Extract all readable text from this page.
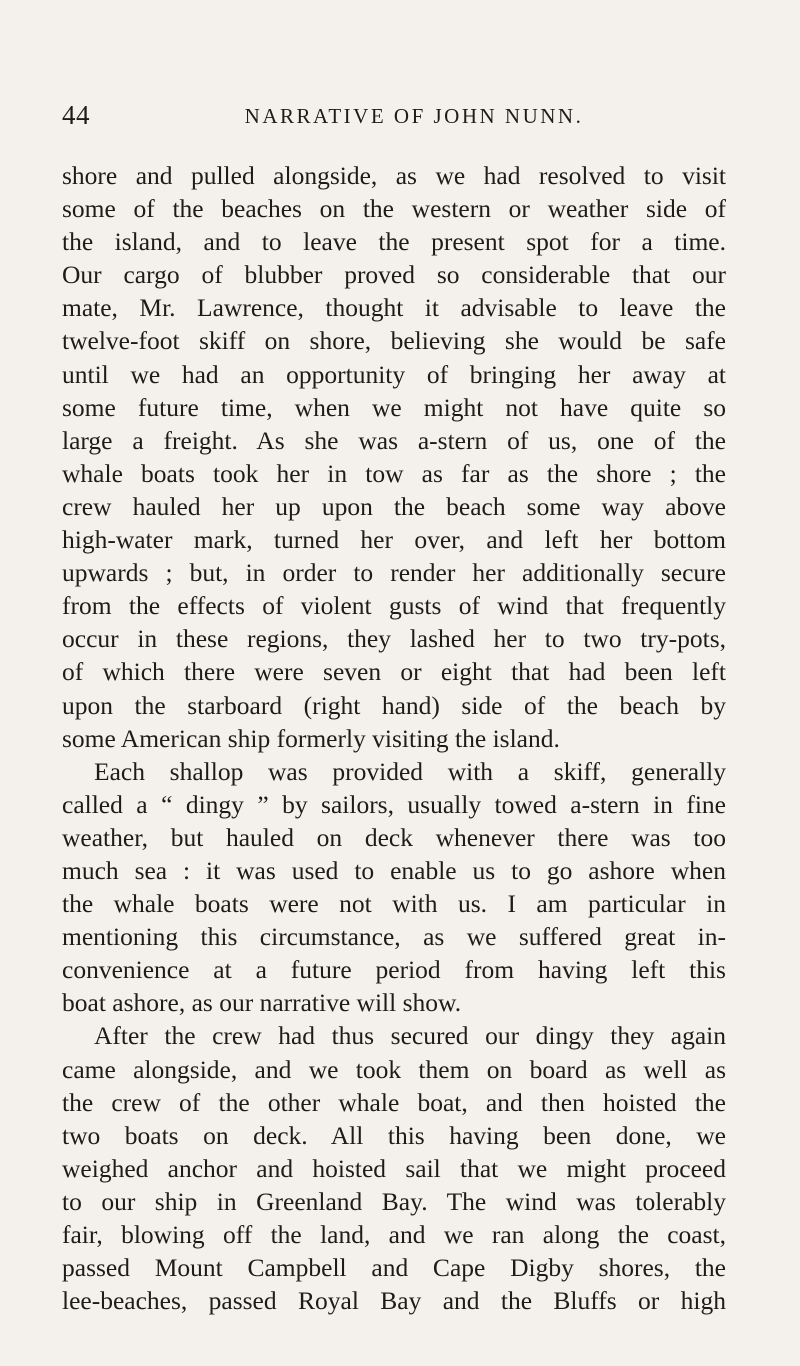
44	NARRATIVE OF JOHN NUNN.
shore and pulled alongside, as we had resolved to visit
some of the beaches on the western or weather side of
the island, and to leave the present spot for a time.
Our cargo of blubber proved so considerable that our
mate, Mr. Lawrence, thought it advisable to leave the
twelve-foot skiff on shore, believing she would be safe
until we had an opportunity of bringing her away at
some future time, when we might not have quite so
large a freight. As she was a-stern of us, one of the
whale boats took her in tow as far as the shore ; the
crew hauled her up upon the beach some way above
high-water mark, turned her over, and left her bottom
upwards ; but, in order to render her additionally secure
from the effects of violent gusts of wind that frequently
occur in these regions, they lashed her to two try-pots,
of which there were seven or eight that had been left
upon the starboard (right hand) side of the beach by
some American ship formerly visiting the island.
Each shallop was provided with a skiff, generally
called a “ dingy ” by sailors, usually towed a-stern in fine
weather, but hauled on deck whenever there was too
much sea : it was used to enable us to go ashore when
the whale boats were not with us. I am particular in
mentioning this circumstance, as we suffered great in-
convenience at a future period from having left this
boat ashore, as our narrative will show.
After the crew had thus secured our dingy they again
came alongside, and we took them on board as well as
the crew of the other whale boat, and then hoisted the
two boats on deck. All this having been done, we
weighed anchor and hoisted sail that we might proceed
to our ship in Greenland Bay. The wind was tolerably
fair, blowing off the land, and we ran along the coast,
passed Mount Campbell and Cape Digby shores, the
lee-beaches, passed Royal Bay and the Bluffs or high
